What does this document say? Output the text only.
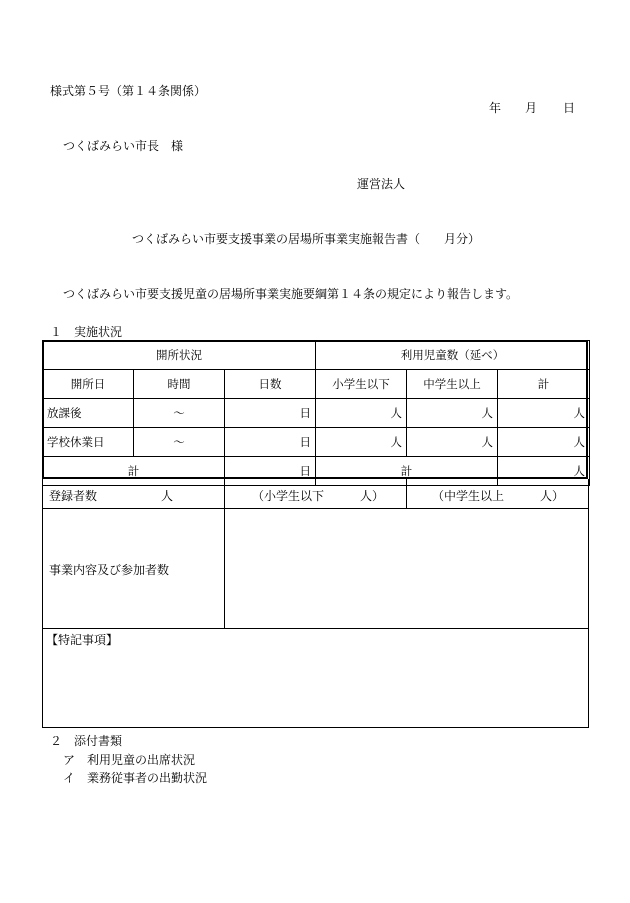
様式第５号（第１４条関係）
年 月 日
つくばみらい市長　様
運営法人
つくばみらい市要支援事業の居場所事業実施報告書（　　月分）
つくばみらい市要支援児童の居場所事業実施要綱第１４条の規定により報告します。
１　実施状況
開所状況			利用児童数（延べ）		
開所日	時間	日数	小学生以下	中学生以上	計
放課後	〜	日	人	人	人
学校休業日	〜	日	人	人	人
計		日	計		人
登録者数	人	（小学生以下　　　人）	（中学生以上　　　人）
事業内容及び参加者数
【特記事項】
２　添付書類
ア　利用児童の出席状況
イ　業務従事者の出勤状況
